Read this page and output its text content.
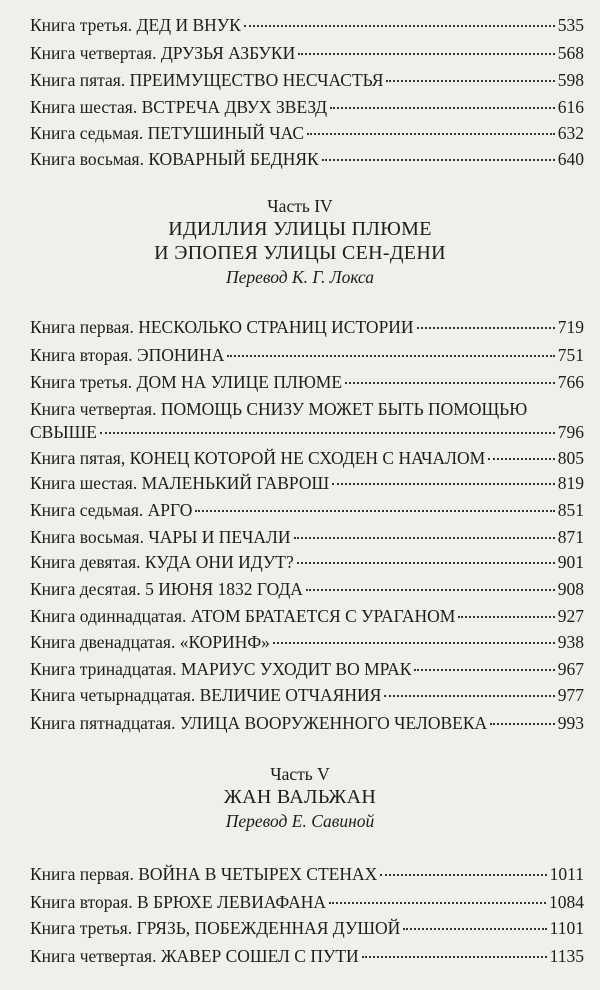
Книга третья. ДЕД И ВНУК	535
Книга четвертая. ДРУЗЬЯ АЗБУКИ	568
Книга пятая. ПРЕИМУЩЕСТВО НЕСЧАСТЬЯ	598
Книга шестая. ВСТРЕЧА ДВУХ ЗВЕЗД	616
Книга седьмая. ПЕТУШИНЫЙ ЧАС	632
Книга восьмая. КОВАРНЫЙ БЕДНЯК	640
Часть IV
ИДИЛЛИЯ УЛИЦЫ ПЛЮМЕ
И ЭПОПЕЯ УЛИЦЫ СЕН-ДЕНИ
Перевод К. Г. Локса
Книга первая. НЕСКОЛЬКО СТРАНИЦ ИСТОРИИ	719
Книга вторая. ЭПОНИНА	751
Книга третья. ДОМ НА УЛИЦЕ ПЛЮМЕ	766
Книга четвертая. ПОМОЩЬ СНИЗУ МОЖЕТ БЫТЬ ПОМОЩЬЮ
СВЫШЕ	796
Книга пятая, КОНЕЦ КОТОРОЙ НЕ СХОДЕН С НАЧАЛОМ	805
Книга шестая. МАЛЕНЬКИЙ ГАВРОШ	819
Книга седьмая. АРГО	851
Книга восьмая. ЧАРЫ И ПЕЧАЛИ	871
Книга девятая. КУДА ОНИ ИДУТ?	901
Книга десятая. 5 ИЮНЯ 1832 ГОДА	908
Книга одиннадцатая. АТОМ БРАТАЕТСЯ С УРАГАНОМ	927
Книга двенадцатая. «КОРИНФ»	938
Книга тринадцатая. МАРИУС УХОДИТ ВО МРАК	967
Книга четырнадцатая. ВЕЛИЧИЕ ОТЧАЯНИЯ	977
Книга пятнадцатая. УЛИЦА ВООРУЖЕННОГО ЧЕЛОВЕКА	993
Часть V
ЖАН ВАЛЬЖАН
Перевод Е. Савиной
Книга первая. ВОЙНА В ЧЕТЫРЕХ СТЕНАХ	1011
Книга вторая. В БРЮХЕ ЛЕВИАФАНА	1084
Книга третья. ГРЯЗЬ, ПОБЕЖДЕННАЯ ДУШОЙ	1101
Книга четвертая. ЖАВЕР СОШЕЛ С ПУТИ	1135
